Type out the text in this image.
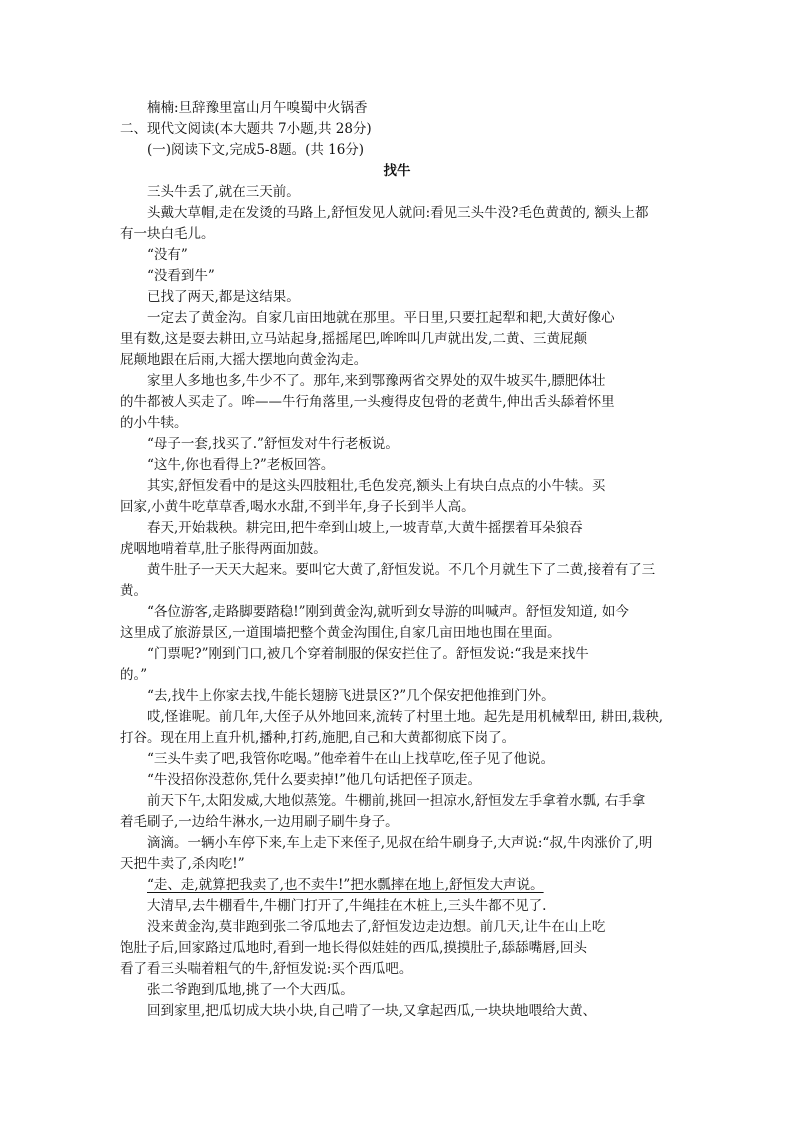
楠楠:旦辞豫里富山月午嗅蜀中火锅香
二、现代文阅读(本大题共 7小题,共 28分)
(一)阅读下文,完成5-8题。(共 16分)
找牛
三头牛丢了,就在三天前。
头戴大草帽,走在发烫的马路上,舒恒发见人就问:看见三头牛没?毛色黄黄的, 额头上都
有一块白毛儿。
“没有”
“没看到牛”
已找了两天,都是这结果。
一定去了黄金沟。自家几亩田地就在那里。平日里,只要扛起犁和耙,大黄好像心
里有数,这是耍去耕田,立马站起身,摇摇尾巴,哞哞叫几声就出发,二黄、三黄屁颠
屁颠地跟在后雨,大摇大摆地向黄金沟走。
家里人多地也多,牛少不了。那年,来到鄂豫两省交界处的双牛坡买牛,膘肥体壮
的牛都被人买走了。哞——牛行角落里,一头瘦得皮包骨的老黄牛,伸出舌头舔着怀里
的小牛犊。
“母子一套,找买了.”舒恒发对牛行老板说。
“这牛,你也看得上?”老板回答。
其实,舒恒发看中的是这头四肢粗壮,毛色发亮,额头上有块白点点的小牛犊。买
回家,小黄牛吃草草香,喝水水甜,不到半年,身子长到半人高。
春天,开始栽秧。耕完田,把牛牵到山坡上,一坡青草,大黄牛摇摆着耳朵狼吞
虎咽地啃着草,肚子胀得两面加鼓。
黄牛肚子一天天大起来。要叫它大黄了,舒恒发说。不几个月就生下了二黄,接着有了三
黄。
“各位游客,走路脚要踏稳!”刚到黄金沟,就听到女导游的叫喊声。舒恒发知道, 如今
这里成了旅游景区,一道围墙把整个黄金沟围住,自家几亩田地也围在里面。
“门票呢?”刚到门口,被几个穿着制服的保安拦住了。舒恒发说:“我是来找牛
的。”
“去,找牛上你家去找,牛能长翅膀飞进景区?”几个保安把他推到门外。
哎,怪谁呢。前几年,大侄子从外地回来,流转了村里土地。起先是用机械犁田, 耕田,栽秧,
打谷。现在用上直升机,播种,打药,施肥,自己和大黄都彻底下岗了。
“三头牛卖了吧,我管你吃喝。”他牵着牛在山上找草吃,侄子见了他说。
“牛没招你没惹你,凭什么要卖掉!”他几句话把侄子顶走。
前天下午,太阳发威,大地似蒸笼。牛棚前,挑回一担凉水,舒恒发左手拿着水瓢, 右手拿
着毛刷子,一边给牛淋水,一边用刷子刷牛身子。
滴滴。一辆小车停下来,车上走下来侄子,见叔在给牛刷身子,大声说:“叔,牛肉涨价了,明
天把牛卖了,杀肉吃!”
“走、走,就算把我卖了,也不卖牛!”把水瓢摔在地上,舒恒发大声说。
大清早,去牛棚看牛,牛棚门打开了,牛绳挂在木桩上,三头牛都不见了.
没来黄金沟,莫非跑到张二爷瓜地去了,舒恒发边走边想。前几天,让牛在山上吃
饱肚子后,回家路过瓜地时,看到一地长得似娃娃的西瓜,摸摸肚子,舔舔嘴唇,回头
看了看三头喘着粗气的牛,舒恒发说:买个西瓜吧。
张二爷跑到瓜地,挑了一个大西瓜。
回到家里,把瓜切成大块小块,自己啃了一块,又拿起西瓜,一块块地喂给大黄、
